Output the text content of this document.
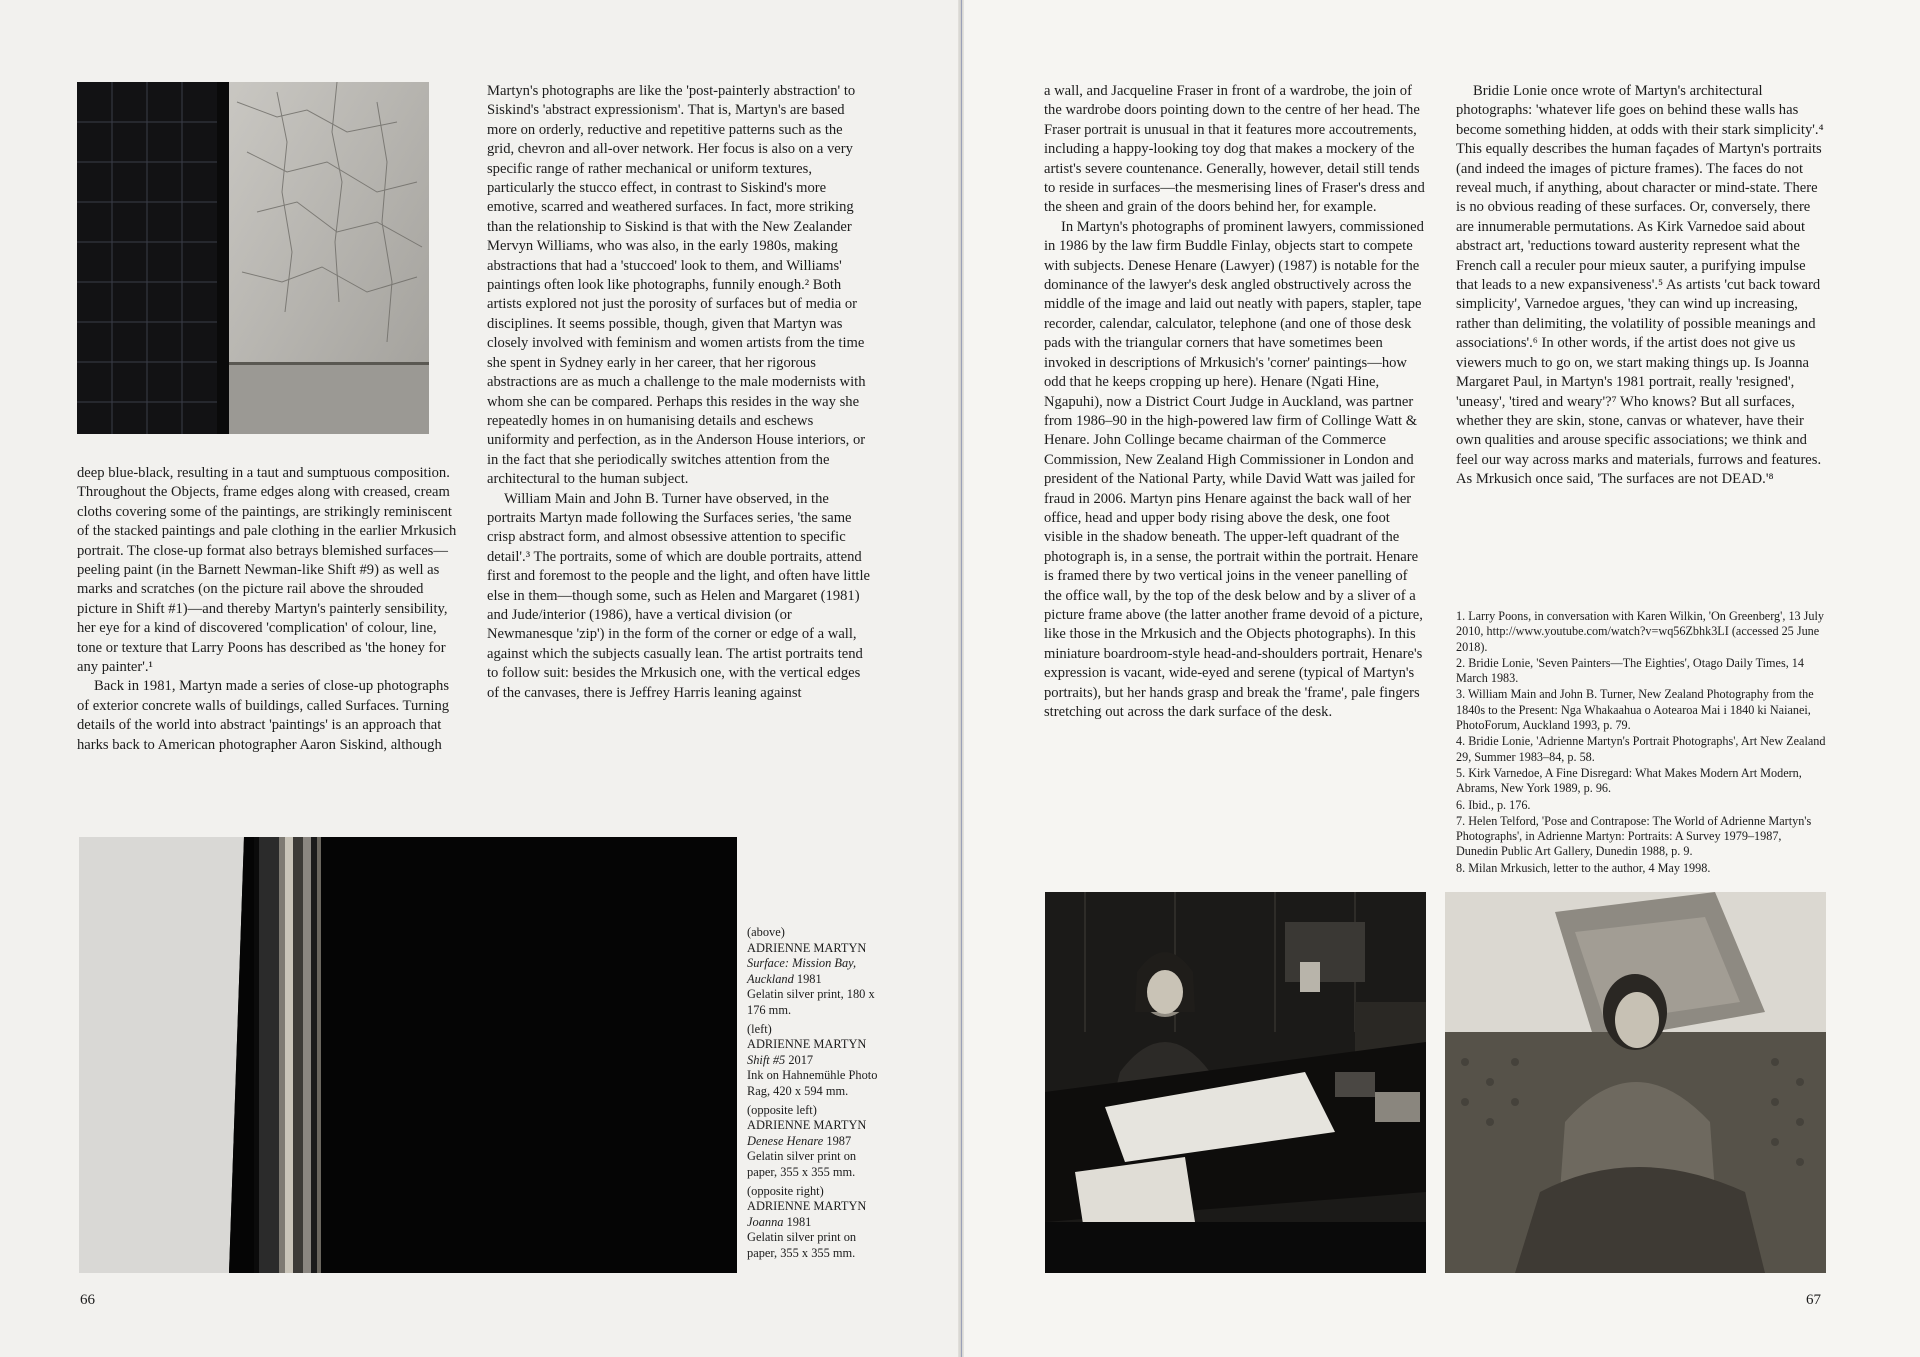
deep blue-black, resulting in a taut and sumptuous composition. Throughout the Objects, frame edges along with creased, cream cloths covering some of the paintings, are strikingly reminiscent of the stacked paintings and pale clothing in the earlier Mrkusich portrait. The close-up format also betrays blemished surfaces—peeling paint (in the Barnett Newman-like Shift #9) as well as marks and scratches (on the picture rail above the shrouded picture in Shift #1)—and thereby Martyn's painterly sensibility, her eye for a kind of discovered 'complication' of colour, line, tone or texture that Larry Poons has described as 'the honey for any painter'.¹

Back in 1981, Martyn made a series of close-up photographs of exterior concrete walls of buildings, called Surfaces. Turning details of the world into abstract 'paintings' is an approach that harks back to American photographer Aaron Siskind, although

Martyn's photographs are like the 'post-painterly abstraction' to Siskind's 'abstract expressionism'. That is, Martyn's are based more on orderly, reductive and repetitive patterns such as the grid, chevron and all-over network. Her focus is also on a very specific range of rather mechanical or uniform textures, particularly the stucco effect, in contrast to Siskind's more emotive, scarred and weathered surfaces. In fact, more striking than the relationship to Siskind is that with the New Zealander Mervyn Williams, who was also, in the early 1980s, making abstractions that had a 'stuccoed' look to them, and Williams' paintings often look like photographs, funnily enough.² Both artists explored not just the porosity of surfaces but of media or disciplines. It seems possible, though, given that Martyn was closely involved with feminism and women artists from the time she spent in Sydney early in her career, that her rigorous abstractions are as much a challenge to the male modernists with whom she can be compared. Perhaps this resides in the way she repeatedly homes in on humanising details and eschews uniformity and perfection, as in the Anderson House interiors, or in the fact that she periodically switches attention from the architectural to the human subject.

William Main and John B. Turner have observed, in the portraits Martyn made following the Surfaces series, 'the same crisp abstract form, and almost obsessive attention to specific detail'.³ The portraits, some of which are double portraits, attend first and foremost to the people and the light, and often have little else in them—though some, such as Helen and Margaret (1981) and Jude/interior (1986), have a vertical division (or Newmanesque 'zip') in the form of the corner or edge of a wall, against which the subjects casually lean. The artist portraits tend to follow suit: besides the Mrkusich one, with the vertical edges of the canvases, there is Jeffrey Harris leaning against

(above)
ADRIENNE MARTYN
Surface: Mission Bay, Auckland 1981
Gelatin silver print, 180 x 176 mm.

(left)
ADRIENNE MARTYN
Shift #5 2017
Ink on Hahnemühle Photo Rag, 420 x 594 mm.

(opposite left)
ADRIENNE MARTYN
Denese Henare 1987
Gelatin silver print on paper, 355 x 355 mm.

(opposite right)
ADRIENNE MARTYN
Joanna 1981
Gelatin silver print on paper, 355 x 355 mm.

66

a wall, and Jacqueline Fraser in front of a wardrobe, the join of the wardrobe doors pointing down to the centre of her head. The Fraser portrait is unusual in that it features more accoutrements, including a happy-looking toy dog that makes a mockery of the artist's severe countenance. Generally, however, detail still tends to reside in surfaces—the mesmerising lines of Fraser's dress and the sheen and grain of the doors behind her, for example.

In Martyn's photographs of prominent lawyers, commissioned in 1986 by the law firm Buddle Finlay, objects start to compete with subjects. Denese Henare (Lawyer) (1987) is notable for the dominance of the lawyer's desk angled obstructively across the middle of the image and laid out neatly with papers, stapler, tape recorder, calendar, calculator, telephone (and one of those desk pads with the triangular corners that have sometimes been invoked in descriptions of Mrkusich's 'corner' paintings—how odd that he keeps cropping up here). Henare (Ngati Hine, Ngapuhi), now a District Court Judge in Auckland, was partner from 1986–90 in the high-powered law firm of Collinge Watt & Henare. John Collinge became chairman of the Commerce Commission, New Zealand High Commissioner in London and president of the National Party, while David Watt was jailed for fraud in 2006. Martyn pins Henare against the back wall of her office, head and upper body rising above the desk, one foot visible in the shadow beneath. The upper-left quadrant of the photograph is, in a sense, the portrait within the portrait. Henare is framed there by two vertical joins in the veneer panelling of the office wall, by the top of the desk below and by a sliver of a picture frame above (the latter another frame devoid of a picture, like those in the Mrkusich and the Objects photographs). In this miniature boardroom-style head-and-shoulders portrait, Henare's expression is vacant, wide-eyed and serene (typical of Martyn's portraits), but her hands grasp and break the 'frame', pale fingers stretching out across the dark surface of the desk.

Bridie Lonie once wrote of Martyn's architectural photographs: 'whatever life goes on behind these walls has become something hidden, at odds with their stark simplicity'.⁴ This equally describes the human façades of Martyn's portraits (and indeed the images of picture frames). The faces do not reveal much, if anything, about character or mind-state. There is no obvious reading of these surfaces. Or, conversely, there are innumerable permutations. As Kirk Varnedoe said about abstract art, 'reductions toward austerity represent what the French call a reculer pour mieux sauter, a purifying impulse that leads to a new expansiveness'.⁵ As artists 'cut back toward simplicity', Varnedoe argues, 'they can wind up increasing, rather than delimiting, the volatility of possible meanings and associations'.⁶ In other words, if the artist does not give us viewers much to go on, we start making things up. Is Joanna Margaret Paul, in Martyn's 1981 portrait, really 'resigned', 'uneasy', 'tired and weary'?⁷ Who knows? But all surfaces, whether they are skin, stone, canvas or whatever, have their own qualities and arouse specific associations; we think and feel our way across marks and materials, furrows and features. As Mrkusich once said, 'The surfaces are not DEAD.'⁸

1. Larry Poons, in conversation with Karen Wilkin, 'On Greenberg', 13 July 2010, http://www.youtube.com/watch?v=wq56Zbhk3LI (accessed 25 June 2018).

2. Bridie Lonie, 'Seven Painters—The Eighties', Otago Daily Times, 14 March 1983.

3. William Main and John B. Turner, New Zealand Photography from the 1840s to the Present: Nga Whakaahua o Aotearoa Mai i 1840 ki Naianei, PhotoForum, Auckland 1993, p. 79.

4. Bridie Lonie, 'Adrienne Martyn's Portrait Photographs', Art New Zealand 29, Summer 1983–84, p. 58.

5. Kirk Varnedoe, A Fine Disregard: What Makes Modern Art Modern, Abrams, New York 1989, p. 96.

6. Ibid., p. 176.

7. Helen Telford, 'Pose and Contrapose: The World of Adrienne Martyn's Photographs', in Adrienne Martyn: Portraits: A Survey 1979–1987, Dunedin Public Art Gallery, Dunedin 1988, p. 9.

8. Milan Mrkusich, letter to the author, 4 May 1998.

67
